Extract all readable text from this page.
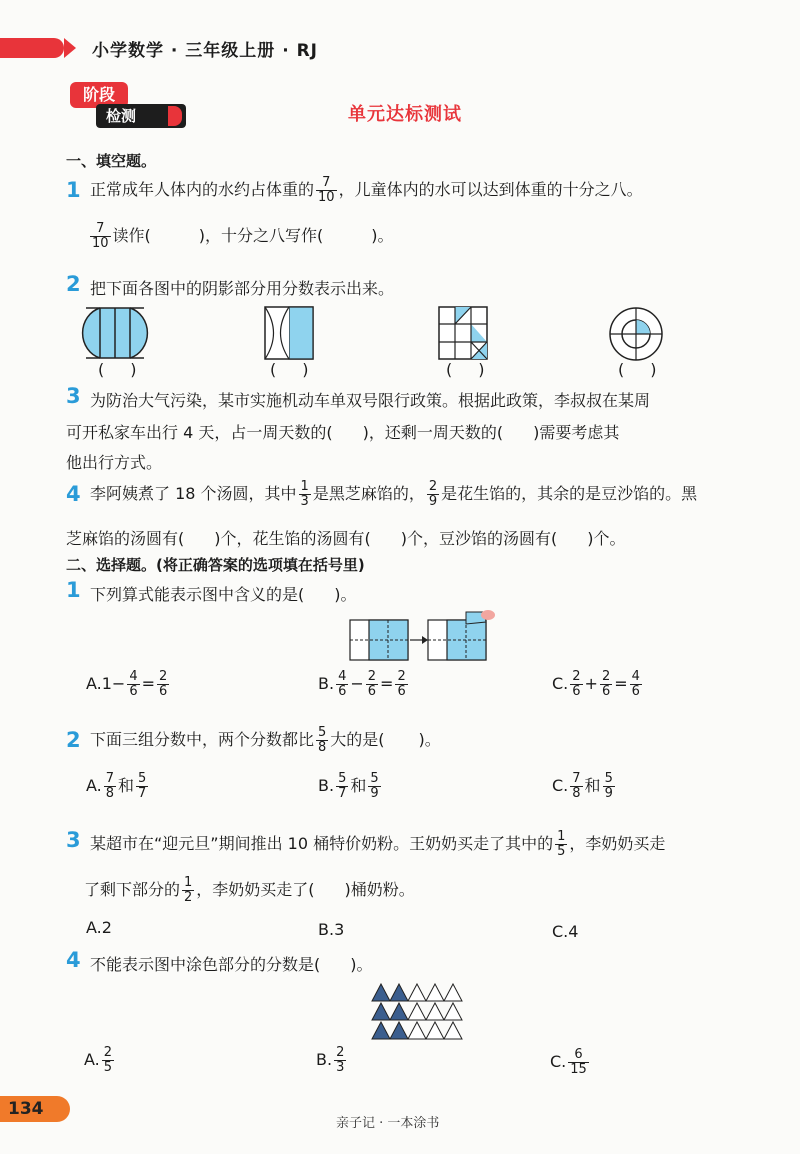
小学数学 · 三年级上册 · RJ
阶段
检测	单元达标测试
一、填空题。
1 正常成年人体内的水约占体重的 $\frac{7}{10}$ ，儿童体内的水可以达到体重的十分之八。
$\frac{7}{10}$ 读作(	)，十分之八写作(	)。
2 把下面各图中的阴影部分用分数表示出来。
( )	( )	( )	( )
3 为防治大气污染，某市实施机动车单双号限行政策。根据此政策，李叔叔在某周
可开私家车出行 4 天，占一周天数的( )，还剩一周天数的( )需要考虑其
他出行方式。
4 李阿姨煮了 18 个汤圆，其中 $\frac{1}{3}$ 是黑芝麻馅的， $\frac{2}{9}$ 是花生馅的，其余的是豆沙馅的。黑
芝麻馅的汤圆有( )个，花生馅的汤圆有( )个，豆沙馅的汤圆有( )个。
二、选择题。(将正确答案的选项填在括号里)
1 下列算式能表示图中含义的是( )。
$A.1- \frac{4}{6} = \frac{2}{6}$	B. $\frac{4}{6} - \frac{2}{6} = \frac{2}{6}$	C. $\frac{2}{6} + \frac{2}{6} = \frac{4}{6}$
2 下面三组分数中，两个分数都比 $\frac{5}{8}$ 大的是( )。
A. $\frac{7}{8}$ 和 $\frac{5}{7}$	B. $\frac{5}{7}$ 和 $\frac{5}{9}$	C. $\frac{7}{8}$ 和 $\frac{5}{9}$
3 某超市在“迎元旦”期间推出 10 桶特价奶粉。王奶奶买走了其中的 $\frac{1}{5}$ ，李奶奶买走
了剩下部分的 $\frac{1}{2}$ ，李奶奶买走了( )桶奶粉。
A.2	B.3	C.4
4 不能表示图中涂色部分的分数是( )。
A. $\frac{2}{5}$	B. $\frac{2}{3}$	C. $\frac{6}{15}$
134
亲子记 · 一本涂书
